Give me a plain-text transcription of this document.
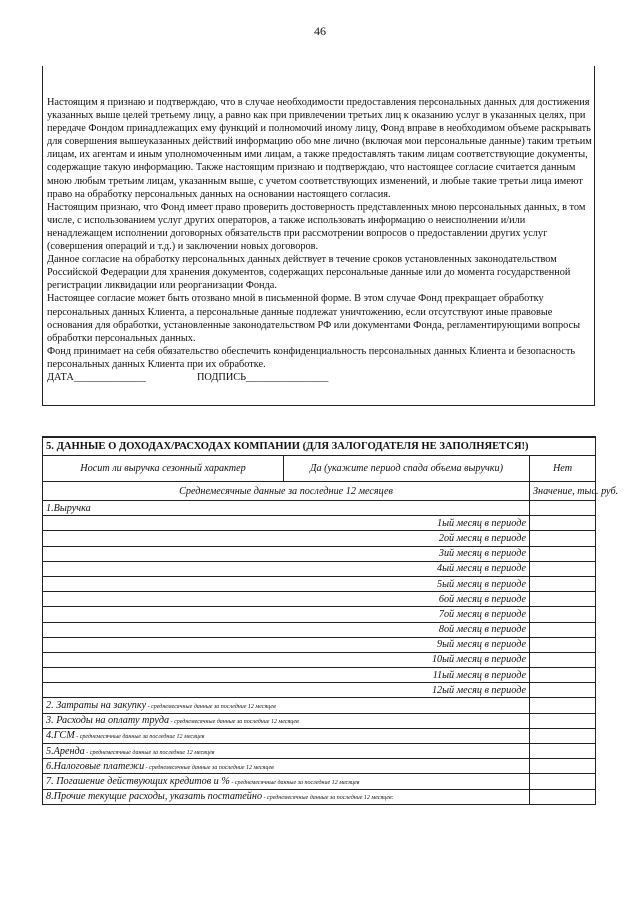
46

Настоящим я признаю и подтверждаю, что в случае необходимости предоставления персональных данных для достижения указанных выше целей третьему лицу, а равно как при привлечении третьих лиц к оказанию услуг в указанных целях, при передаче Фондом принадлежащих ему функций и полномочий иному лицу, Фонд вправе в необходимом объеме раскрывать для совершения вышеуказанных действий информацию обо мне лично (включая мои персональные данные) таким третьим лицам, их агентам и иным уполномоченным ими лицам, а также предоставлять таким лицам соответствующие документы, содержащие такую информацию. Также настоящим признаю и подтверждаю, что настоящее согласие считается данным мною любым третьим лицам, указанным выше, с учетом соответствующих изменений, и любые такие третьи лица имеют право на обработку персональных данных на основании настоящего согласия.

Настоящим признаю, что Фонд имеет право проверить достоверность представленных мною персональных данных, в том числе, с использованием услуг других операторов, а также использовать информацию о неисполнении и/или ненадлежащем исполнении договорных обязательств при рассмотрении вопросов о предоставлении других услуг (совершения операций и т.д.) и заключении новых договоров.

Данное согласие на обработку персональных данных действует в течение сроков установленных законодательством Российской Федерации для хранения документов, содержащих персональные данные или до момента государственной регистрации ликвидации или реорганизации Фонда.

Настоящее согласие может быть отозвано мной в письменной форме. В этом случае Фонд прекращает обработку персональных данных Клиента, а персональные данные подлежат уничтожению, если отсутствуют иные правовые основания для обработки, установленные законодательством РФ или документами Фонда, регламентирующими вопросы обработки персональных данных.

Фонд принимает на себя обязательство обеспечить конфиденциальность персональных данных Клиента и безопасность персональных данных Клиента при их обработке.

ДАТА______________	ПОДПИСЬ________________
5. ДАННЫЕ О ДОХОДАХ/РАСХОДАХ КОМПАНИИ (ДЛЯ ЗАЛОГОДАТЕЛЯ НЕ ЗАПОЛНЯЕТСЯ!)		
Носит ли выручка сезонный характер	Да (укажите период спада объема выручки)	Нет
Среднемесячные данные за последние 12 месяцев		Значение, тыс. руб.
1.Выручка		
1ый месяц в периоде		
2ой месяц в периоде		
3ий месяц в периоде		
4ый месяц в периоде		
5ый месяц в периоде		
6ой месяц в периоде		
7ой месяц в периоде		
8ой месяц в периоде		
9ый месяц в периоде		
10ый месяц в периоде		
11ый месяц в периоде		
12ый месяц в периоде		
2. Затраты на закупку - среднемесячные данные за последние 12 месяцев		
3. Расходы на оплату труда - среднемесячные данные за последние 12 месяцев		
4.ГСМ - среднемесячные данные за последние 12 месяцев		
5.Аренда - среднемесячные данные за последние 12 месяцев		
6.Налоговые платежи - среднемесячные данные за последние 12 месяцев		
7. Погашение действующих кредитов и % - среднемесячные данные за последние 12 месяцев		
8.Прочие текущие расходы, указать постатейно - среднемесячные данные за последние 12 месяцев:		
